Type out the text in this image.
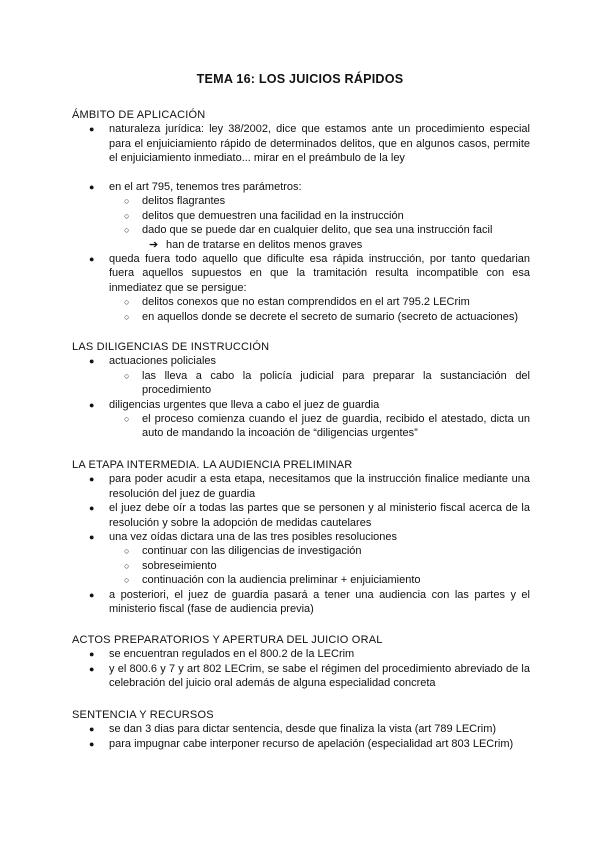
TEMA 16: LOS JUICIOS RÁPIDOS
ÁMBITO DE APLICACIÓN
● naturaleza jurídica: ley 38/2002, dice que estamos ante un procedimiento especial para el enjuiciamiento rápido de determinados delitos, que en algunos casos, permite el enjuiciamiento inmediato... mirar en el preámbulo de la ley
● en el art 795, tenemos tres parámetros:
○ delitos flagrantes
○ delitos que demuestren una facilidad en la instrucción
○ dado que se puede dar en cualquier delito, que sea una instrucción facil
➔ han de tratarse en delitos menos graves
● queda fuera todo aquello que dificulte esa rápida instrucción, por tanto quedarian fuera aquellos supuestos en que la tramitación resulta incompatible con esa inmediatez que se persigue:
○ delitos conexos que no estan comprendidos en el art 795.2 LECrim
○ en aquellos donde se decrete el secreto de sumario (secreto de actuaciones)
LAS DILIGENCIAS DE INSTRUCCIÓN
● actuaciones policiales
○ las lleva a cabo la policía judicial para preparar la sustanciación del procedimiento
● diligencias urgentes que lleva a cabo el juez de guardia
○ el proceso comienza cuando el juez de guardia, recibido el atestado, dicta un auto de mandando la incoación de “diligencias urgentes”
LA ETAPA INTERMEDIA. LA AUDIENCIA PRELIMINAR
● para poder acudir a esta etapa, necesitamos que la instrucción finalice mediante una resolución del juez de guardia
● el juez debe oír a todas las partes que se personen y al ministerio fiscal acerca de la resolución y sobre la adopción de medidas cautelares
● una vez oídas dictara una de las tres posibles resoluciones
○ continuar con las diligencias de investigación
○ sobreseimiento
○ continuación con la audiencia preliminar + enjuiciamiento
● a posteriori, el juez de guardia pasará a tener una audiencia con las partes y el ministerio fiscal (fase de audiencia previa)
ACTOS PREPARATORIOS Y APERTURA DEL JUICIO ORAL
● se encuentran regulados en el 800.2 de la LECrim
● y el 800.6 y 7 y art 802 LECrim, se sabe el régimen del procedimiento abreviado de la celebración del juicio oral además de alguna especialidad concreta
SENTENCIA Y RECURSOS
● se dan 3 dias para dictar sentencia, desde que finaliza la vista (art 789 LECrim)
● para impugnar cabe interponer recurso de apelación (especialidad art 803 LECrim)
